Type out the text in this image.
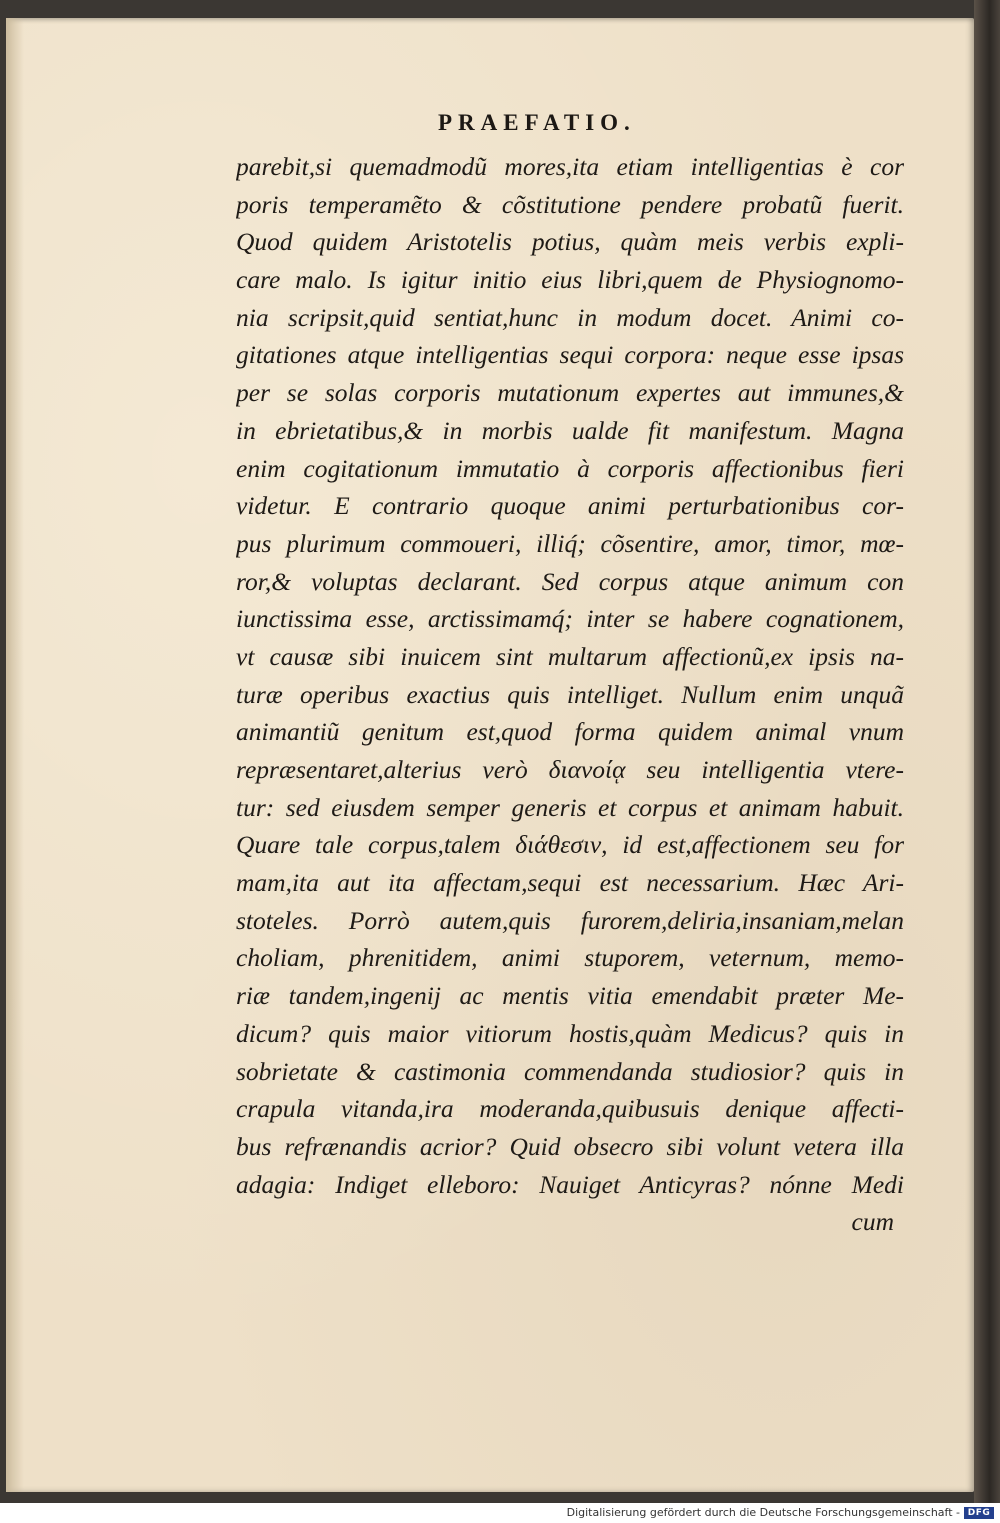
PRAEFATIO.
parebit,si quemadmodũ mores,ita etiam intelligentias è cor
poris temperamẽto & cõstitutione pendere probatũ fuerit.
Quod quidem Aristotelis potius, quàm meis verbis expli-
care malo. Is igitur initio eius libri,quem de Physiognomo-
nia scripsit,quid sentiat,hunc in modum docet. Animi co-
gitationes atque intelligentias sequi corpora: neque esse ipsas
per se solas corporis mutationum expertes aut immunes,&
in ebrietatibus,& in morbis ualde fit manifestum. Magna
enim cogitationum immutatio à corporis affectionibus fieri
videtur. E contrario quoque animi perturbationibus cor-
pus plurimum commoueri, illiq́; cõsentire, amor, timor, mœ-
ror,& voluptas declarant. Sed corpus atque animum con
iunctissima esse, arctissimamq́; inter se habere cognationem,
vt causæ sibi inuicem sint multarum affectionũ,ex ipsis na-
turæ operibus exactius quis intelliget. Nullum enim unquã
animantiũ genitum est,quod forma quidem animal vnum
repræsentaret,alterius verò διανοίᾳ seu intelligentia vtere-
tur: sed eiusdem semper generis et corpus et animam habuit.
Quare tale corpus,talem διάθεσιν, id est,affectionem seu for
mam,ita aut ita affectam,sequi est necessarium. Hæc Ari-
stoteles. Porrò autem,quis furorem,deliria,insaniam,melan
choliam, phrenitidem, animi stuporem, veternum, memo-
riæ tandem,ingenij ac mentis vitia emendabit præter Me-
dicum? quis maior vitiorum hostis,quàm Medicus? quis in
sobrietate & castimonia commendanda studiosior? quis in
crapula vitanda,ira moderanda,quibusuis denique affecti-
bus refrænandis acrior? Quid obsecro sibi volunt vetera illa
adagia: Indiget elleboro: Nauiget Anticyras? nónne Medi
cum
Digitalisierung gefördert durch die Deutsche Forschungsgemeinschaft - DFG
